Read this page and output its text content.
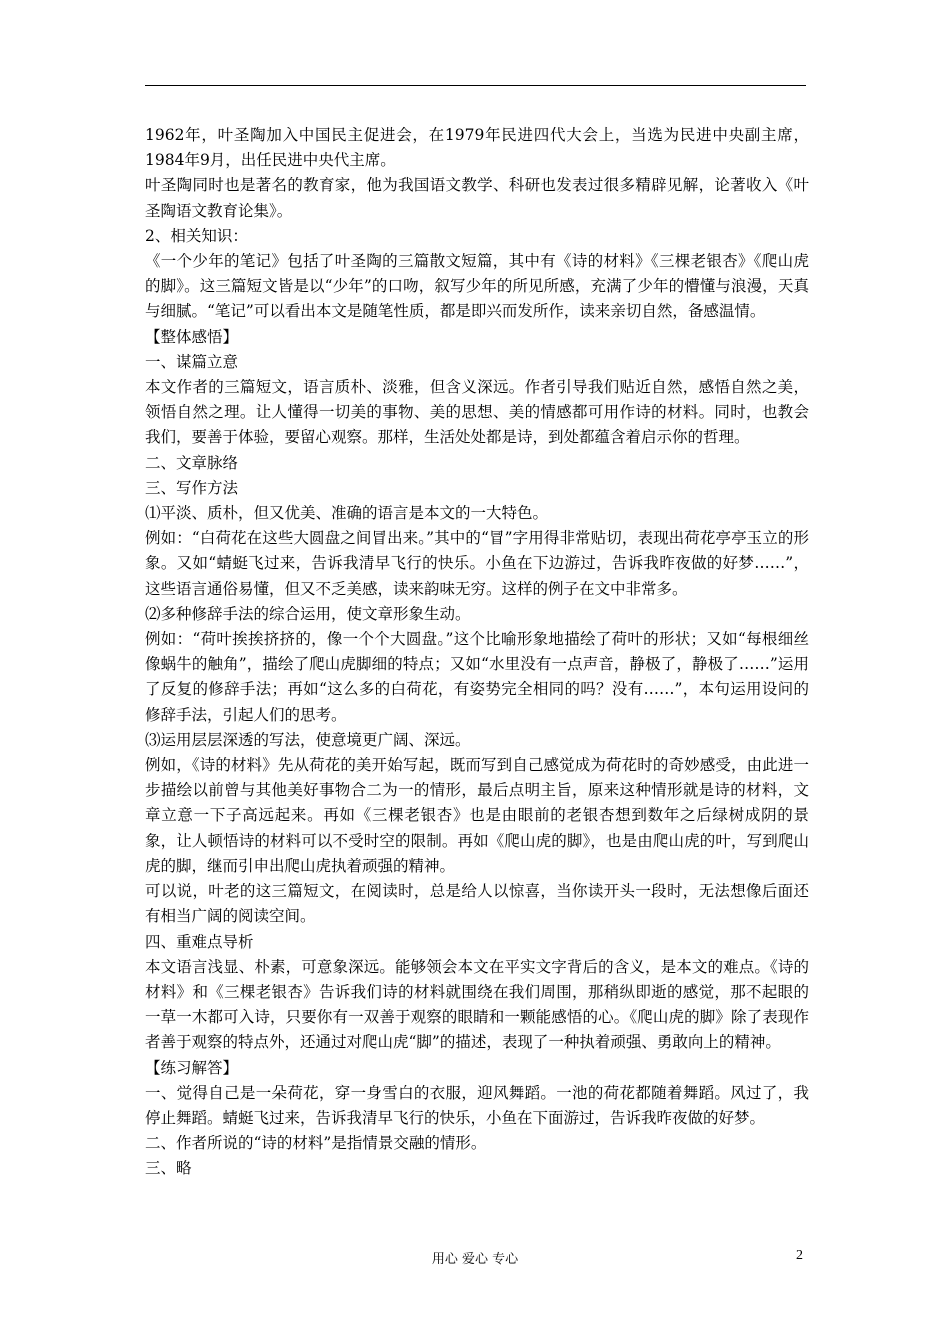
1962年，叶圣陶加入中国民主促进会，在1979年民进四代大会上，当选为民进中央副主席，1984年9月，出任民进中央代主席。

叶圣陶同时也是著名的教育家，他为我国语文教学、科研也发表过很多精辟见解，论著收入《叶圣陶语文教育论集》。

2、相关知识：

《一个少年的笔记》包括了叶圣陶的三篇散文短篇，其中有《诗的材料》《三棵老银杏》《爬山虎的脚》。这三篇短文皆是以“少年”的口吻，叙写少年的所见所感，充满了少年的懵懂与浪漫，天真与细腻。“笔记”可以看出本文是随笔性质，都是即兴而发所作，读来亲切自然，备感温情。

【整体感悟】

一、谋篇立意

本文作者的三篇短文，语言质朴、淡雅，但含义深远。作者引导我们贴近自然，感悟自然之美，领悟自然之理。让人懂得一切美的事物、美的思想、美的情感都可用作诗的材料。同时，也教会我们，要善于体验，要留心观察。那样，生活处处都是诗，到处都蕴含着启示你的哲理。

二、文章脉络

三、写作方法

⑴平淡、质朴，但又优美、准确的语言是本文的一大特色。

例如：“白荷花在这些大圆盘之间冒出来。”其中的“冒”字用得非常贴切，表现出荷花亭亭玉立的形象。又如“蜻蜓飞过来，告诉我清早飞行的快乐。小鱼在下边游过，告诉我昨夜做的好梦……”，这些语言通俗易懂，但又不乏美感，读来韵味无穷。这样的例子在文中非常多。

⑵多种修辞手法的综合运用，使文章形象生动。

例如：“荷叶挨挨挤挤的，像一个个大圆盘。”这个比喻形象地描绘了荷叶的形状；又如“每根细丝像蜗牛的触角”，描绘了爬山虎脚细的特点；又如“水里没有一点声音，静极了，静极了……”运用了反复的修辞手法；再如“这么多的白荷花，有姿势完全相同的吗？没有……”，本句运用设问的修辞手法，引起人们的思考。

⑶运用层层深透的写法，使意境更广阔、深远。

例如，《诗的材料》先从荷花的美开始写起，既而写到自己感觉成为荷花时的奇妙感受，由此进一步描绘以前曾与其他美好事物合二为一的情形，最后点明主旨，原来这种情形就是诗的材料，文章立意一下子高远起来。再如《三棵老银杏》也是由眼前的老银杏想到数年之后绿树成阴的景象，让人顿悟诗的材料可以不受时空的限制。再如《爬山虎的脚》，也是由爬山虎的叶，写到爬山虎的脚，继而引申出爬山虎执着顽强的精神。

可以说，叶老的这三篇短文，在阅读时，总是给人以惊喜，当你读开头一段时，无法想像后面还有相当广阔的阅读空间。

四、重难点导析

本文语言浅显、朴素，可意象深远。能够领会本文在平实文字背后的含义，是本文的难点。《诗的材料》和《三棵老银杏》告诉我们诗的材料就围绕在我们周围，那稍纵即逝的感觉，那不起眼的一草一木都可入诗，只要你有一双善于观察的眼睛和一颗能感悟的心。《爬山虎的脚》除了表现作者善于观察的特点外，还通过对爬山虎“脚”的描述，表现了一种执着顽强、勇敢向上的精神。

【练习解答】

一、觉得自己是一朵荷花，穿一身雪白的衣服，迎风舞蹈。一池的荷花都随着舞蹈。风过了，我停止舞蹈。蜻蜓飞过来，告诉我清早飞行的快乐，小鱼在下面游过，告诉我昨夜做的好梦。

二、作者所说的“诗的材料”是指情景交融的情形。

三、略

用心 爱心 专心	2
